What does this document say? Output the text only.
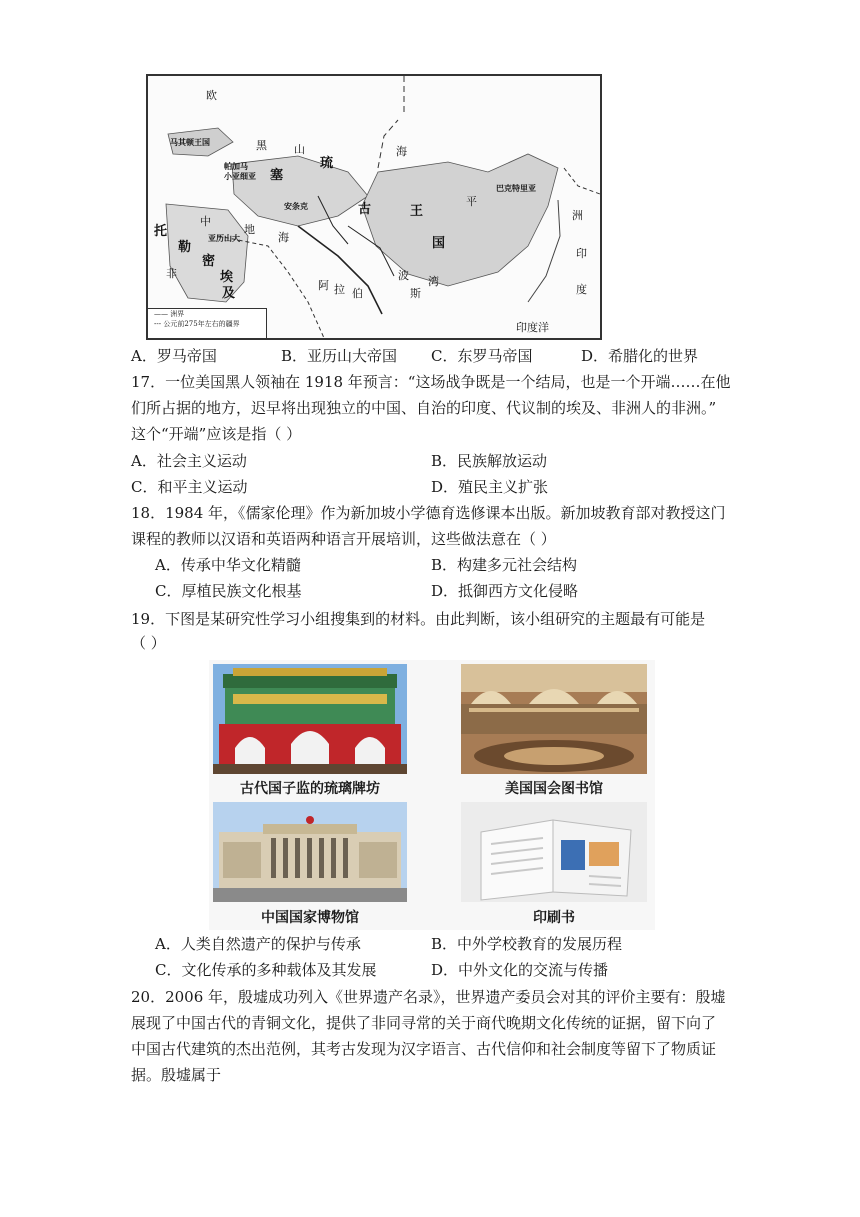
欧
黑 山	海
马其顿王国
帕加马
小亚细亚 塞
琉
古	王
国
安条克
巴克特里亚
平
洲
印
度
托
勒
密
埃
及
亚历山大
中
地
海
非
阿 拉 伯
波
斯
湾
印度洋
—— 洲界
--- 公元前275年左右的疆界
A．罗马帝国	B．亚历山大帝国 C．东罗马帝国	D．希腊化的世界
17．一位美国黑人领袖在 1918 年预言：“这场战争既是一个结局，也是一个开端……在他
们所占据的地方，迟早将出现独立的中国、自治的印度、代议制的埃及、非洲人的非洲。”
这个“开端”应该是指（ ）
A．社会主义运动	B．民族解放运动
C．和平主义运动	D．殖民主义扩张
18．1984 年，《儒家伦理》作为新加坡小学德育选修课本出版。新加坡教育部对教授这门
课程的教师以汉语和英语两种语言开展培训，这些做法意在（ ）
A．传承中华文化精髓	B．构建多元社会结构
C．厚植民族文化根基	D．抵御西方文化侵略
19．下图是某研究性学习小组搜集到的材料。由此判断，该小组研究的主题最有可能是
（ ）
古代国子监的琉璃牌坊	美国国会图书馆
中国国家博物馆	印刷书
A．人类自然遗产的保护与传承	B．中外学校教育的发展历程
C．文化传承的多种载体及其发展	D．中外文化的交流与传播
20．2006 年，殷墟成功列入《世界遗产名录》，世界遗产委员会对其的评价主要有：殷墟
展现了中国古代的青铜文化，提供了非同寻常的关于商代晚期文化传统的证据，留下向了
中国古代建筑的杰出范例，其考古发现为汉字语言、古代信仰和社会制度等留下了物质证
据。殷墟属于
